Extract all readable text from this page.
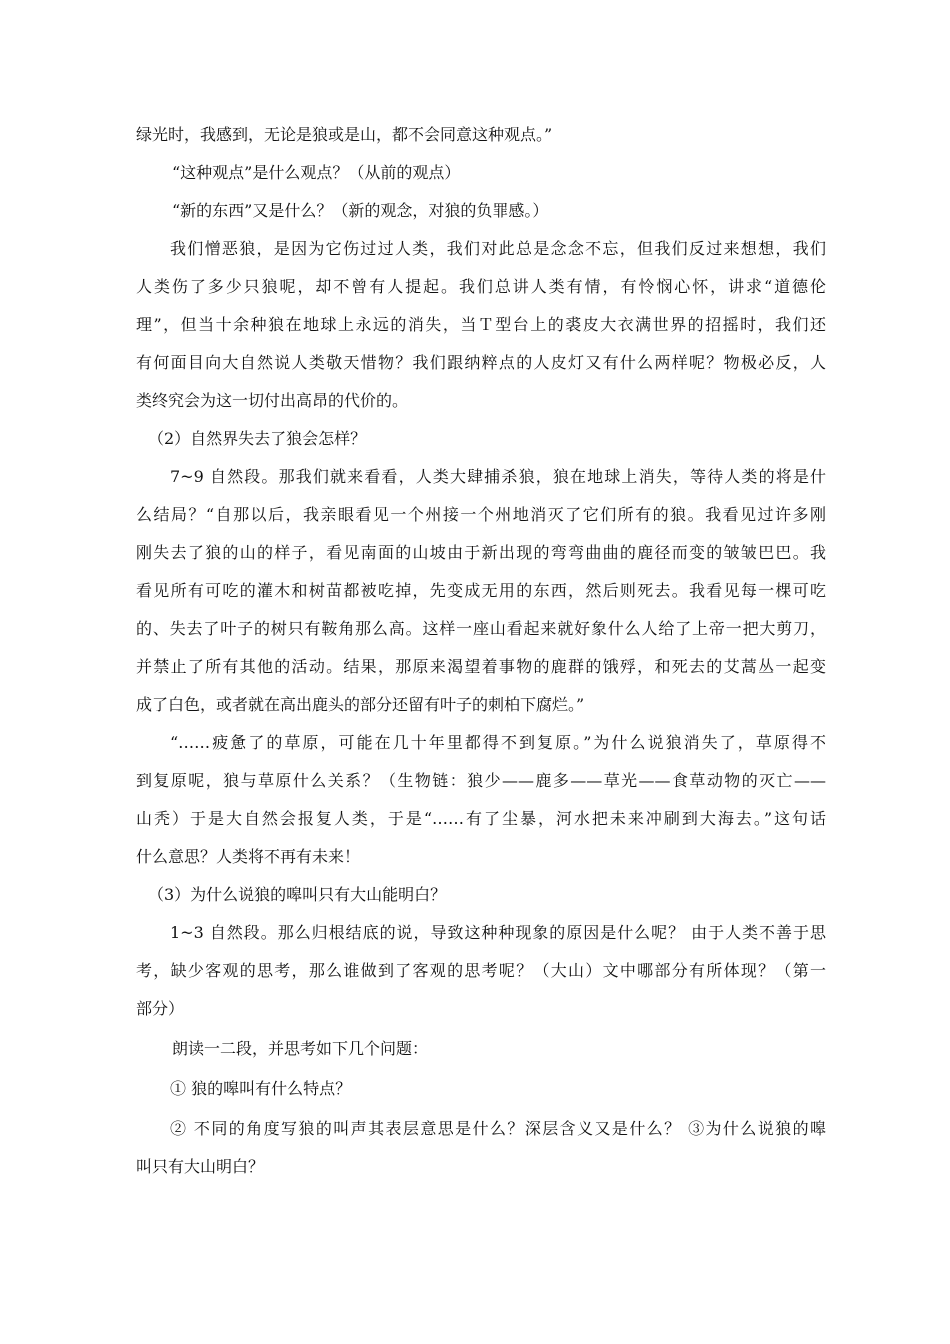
绿光时，我感到，无论是狼或是山，都不会同意这种观点。”
“这种观点”是什么观点？（从前的观点）
“新的东西”又是什么？（新的观念，对狼的负罪感。）
我们憎恶狼，是因为它伤过过人类，我们对此总是念念不忘，但我们反过来想想，我们
人类伤了多少只狼呢，却不曾有人提起。我们总讲人类有情，有怜悯心怀，讲求“道德伦
理”，但当十余种狼在地球上永远的消失，当Ｔ型台上的裘皮大衣满世界的招摇时，我们还
有何面目向大自然说人类敬天惜物？我们跟纳粹点的人皮灯又有什么两样呢？物极必反，人
类终究会为这一切付出高昂的代价的。
（2）自然界失去了狼会怎样？
7~9 自然段。那我们就来看看，人类大肆捕杀狼，狼在地球上消失，等待人类的将是什
么结局？“自那以后，我亲眼看见一个州接一个州地消灭了它们所有的狼。我看见过许多刚
刚失去了狼的山的样子，看见南面的山坡由于新出现的弯弯曲曲的鹿径而变的皱皱巴巴。我
看见所有可吃的灌木和树苗都被吃掉，先变成无用的东西，然后则死去。我看见每一棵可吃
的、失去了叶子的树只有鞍角那么高。这样一座山看起来就好象什么人给了上帝一把大剪刀，
并禁止了所有其他的活动。结果，那原来渴望着事物的鹿群的饿殍，和死去的艾蒿丛一起变
成了白色，或者就在高出鹿头的部分还留有叶子的刺柏下腐烂。”
“……疲惫了的草原，可能在几十年里都得不到复原。”为什么说狼消失了，草原得不
到复原呢，狼与草原什么关系？（生物链：狼少——鹿多——草光——食草动物的灭亡——
山秃）于是大自然会报复人类，于是“……有了尘暴，河水把未来冲刷到大海去。”这句话
什么意思？人类将不再有未来！
（3）为什么说狼的嗥叫只有大山能明白？
1~3 自然段。那么归根结底的说，导致这种种现象的原因是什么呢？ 由于人类不善于思
考，缺少客观的思考，那么谁做到了客观的思考呢？（大山）文中哪部分有所体现？（第一
部分）
朗读一二段，并思考如下几个问题：
① 狼的嗥叫有什么特点？
② 不同的角度写狼的叫声其表层意思是什么？深层含义又是什么？ ③为什么说狼的嗥
叫只有大山明白？
